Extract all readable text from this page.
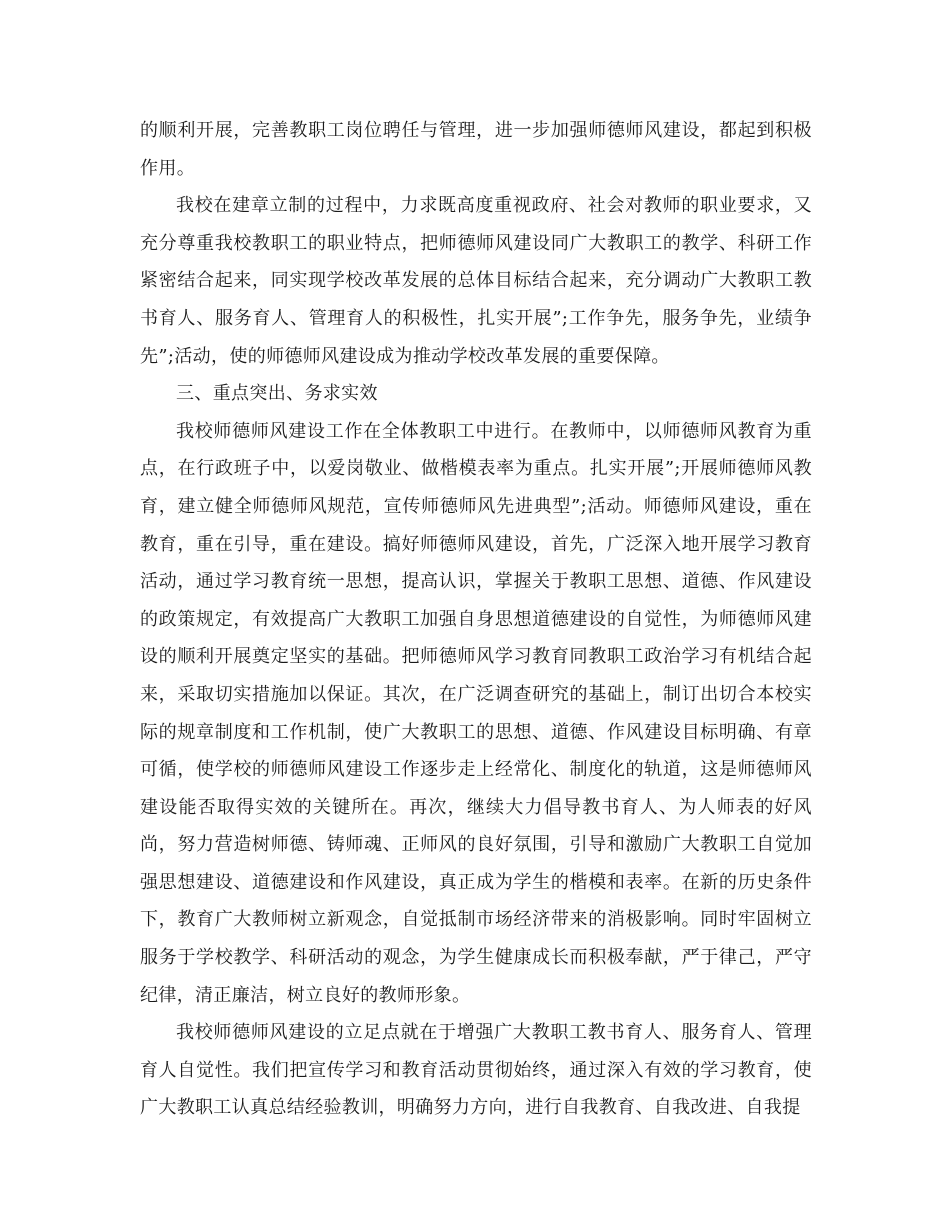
的顺利开展，完善教职工岗位聘任与管理，进一步加强师德师风建设，都起到积极作用。

我校在建章立制的过程中，力求既高度重视政府、社会对教师的职业要求，又充分尊重我校教职工的职业特点，把师德师风建设同广大教职工的教学、科研工作紧密结合起来，同实现学校改革发展的总体目标结合起来，充分调动广大教职工教书育人、服务育人、管理育人的积极性，扎实开展”;工作争先，服务争先，业绩争先”;活动，使的师德师风建设成为推动学校改革发展的重要保障。

三、重点突出、务求实效

我校师德师风建设工作在全体教职工中进行。在教师中，以师德师风教育为重点，在行政班子中，以爱岗敬业、做楷模表率为重点。扎实开展”;开展师德师风教育，建立健全师德师风规范，宣传师德师风先进典型”;活动。师德师风建设，重在教育，重在引导，重在建设。搞好师德师风建设，首先，广泛深入地开展学习教育活动，通过学习教育统一思想，提高认识，掌握关于教职工思想、道德、作风建设的政策规定，有效提高广大教职工加强自身思想道德建设的自觉性，为师德师风建设的顺利开展奠定坚实的基础。把师德师风学习教育同教职工政治学习有机结合起来，采取切实措施加以保证。其次，在广泛调查研究的基础上，制订出切合本校实际的规章制度和工作机制，使广大教职工的思想、道德、作风建设目标明确、有章可循，使学校的师德师风建设工作逐步走上经常化、制度化的轨道，这是师德师风建设能否取得实效的关键所在。再次，继续大力倡导教书育人、为人师表的好风尚，努力营造树师德、铸师魂、正师风的良好氛围，引导和激励广大教职工自觉加强思想建设、道德建设和作风建设，真正成为学生的楷模和表率。在新的历史条件下，教育广大教师树立新观念，自觉抵制市场经济带来的消极影响。同时牢固树立服务于学校教学、科研活动的观念，为学生健康成长而积极奉献，严于律己，严守纪律，清正廉洁，树立良好的教师形象。

我校师德师风建设的立足点就在于增强广大教职工教书育人、服务育人、管理育人自觉性。我们把宣传学习和教育活动贯彻始终，通过深入有效的学习教育，使广大教职工认真总结经验教训，明确努力方向，进行自我教育、自我改进、自我提
